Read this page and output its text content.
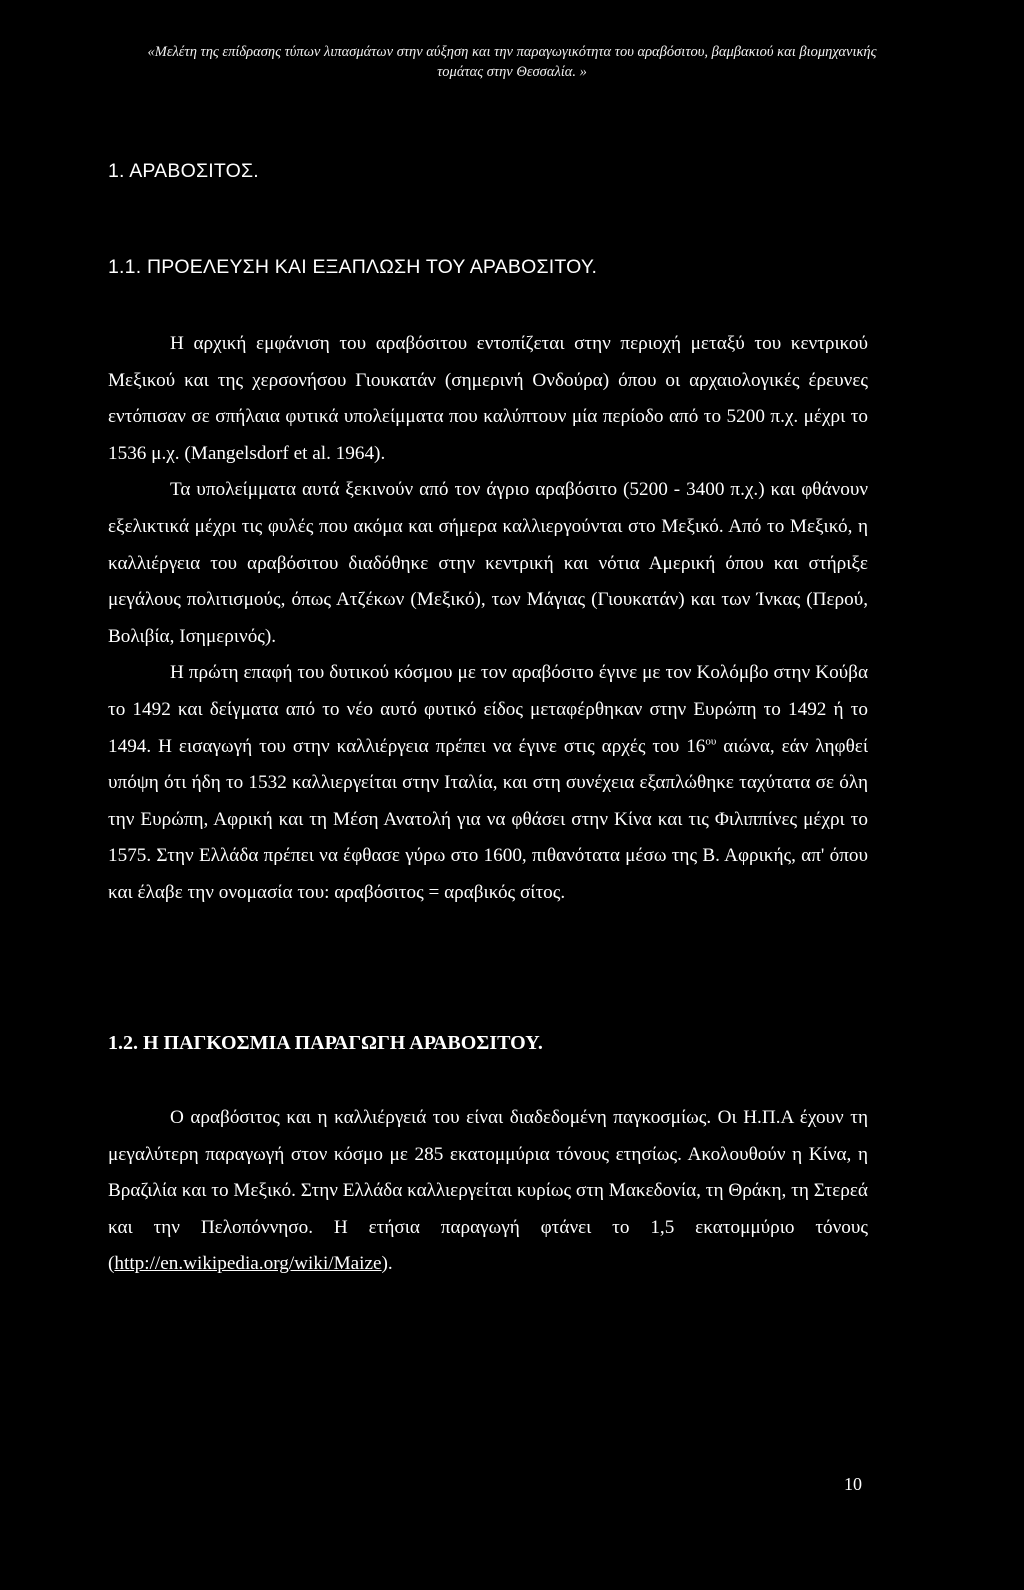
«Μελέτη της επίδρασης τύπων λιπασμάτων στην αύξηση και την παραγωγικότητα του αραβόσιτου, βαμβακιού και βιομηχανικής
τομάτας στην Θεσσαλία. »
1. ΑΡΑΒΟΣΙΤΟΣ.
1.1. ΠΡΟΕΛΕΥΣΗ ΚΑΙ ΕΞΑΠΛΩΣΗ ΤΟΥ ΑΡΑΒΟΣΙΤΟΥ.

Η αρχική εμφάνιση του αραβόσιτου εντοπίζεται στην περιοχή μεταξύ του κεντρικού Μεξικού και της χερσονήσου Γιουκατάν (σημερινή Ονδούρα) όπου οι αρχαιολογικές έρευνες εντόπισαν σε σπήλαια φυτικά υπολείμματα που καλύπτουν μία περίοδο από το 5200 π.χ. μέχρι το 1536 μ.χ. (Mangelsdorf et al. 1964).

Τα υπολείμματα αυτά ξεκινούν από τον άγριο αραβόσιτο (5200 - 3400 π.χ.) και φθάνουν εξελικτικά μέχρι τις φυλές που ακόμα και σήμερα καλλιεργούνται στο Μεξικό. Από το Μεξικό, η καλλιέργεια του αραβόσιτου διαδόθηκε στην κεντρική και νότια Αμερική όπου και στήριξε μεγάλους πολιτισμούς, όπως Ατζέκων (Μεξικό), των Μάγιας (Γιουκατάν) και των Ίνκας (Περού, Βολιβία, Ισημερινός).

Η πρώτη επαφή του δυτικού κόσμου με τον αραβόσιτο έγινε με τον Κολόμβο στην Κούβα το 1492 και δείγματα από το νέο αυτό φυτικό είδος μεταφέρθηκαν στην Ευρώπη το 1492 ή το 1494. Η εισαγωγή του στην καλλιέργεια πρέπει να έγινε στις αρχές του $16^{o\upsilon}$ αιώνα, εάν ληφθεί υπόψη ότι ήδη το 1532 καλλιεργείται στην Ιταλία, και στη συνέχεια εξαπλώθηκε ταχύτατα σε όλη την Ευρώπη, Αφρική και τη Μέση Ανατολή για να φθάσει στην Κίνα και τις Φιλιππίνες μέχρι το 1575. Στην Ελλάδα πρέπει να έφθασε γύρω στο 1600, πιθανότατα μέσω της Β. Αφρικής, απ' όπου και έλαβε την ονομασία του: αραβόσιτος = αραβικός σίτος.

1.2. Η ΠΑΓΚΟΣΜΙΑ ΠΑΡΑΓΩΓΗ ΑΡΑΒΟΣΙΤΟΥ.

Ο αραβόσιτος και η καλλιέργειά του είναι διαδεδομένη παγκοσμίως. Οι Η.Π.Α έχουν τη μεγαλύτερη παραγωγή στον κόσμο με 285 εκατομμύρια τόνους ετησίως. Ακολουθούν η Κίνα, η Βραζιλία και το Μεξικό. Στην Ελλάδα καλλιεργείται κυρίως στη Μακεδονία, τη Θράκη, τη Στερεά και την Πελοπόννησο. Η ετήσια παραγωγή φτάνει το 1,5 εκατομμύριο τόνους (http://en.wikipedia.org/wiki/Maize).

10
